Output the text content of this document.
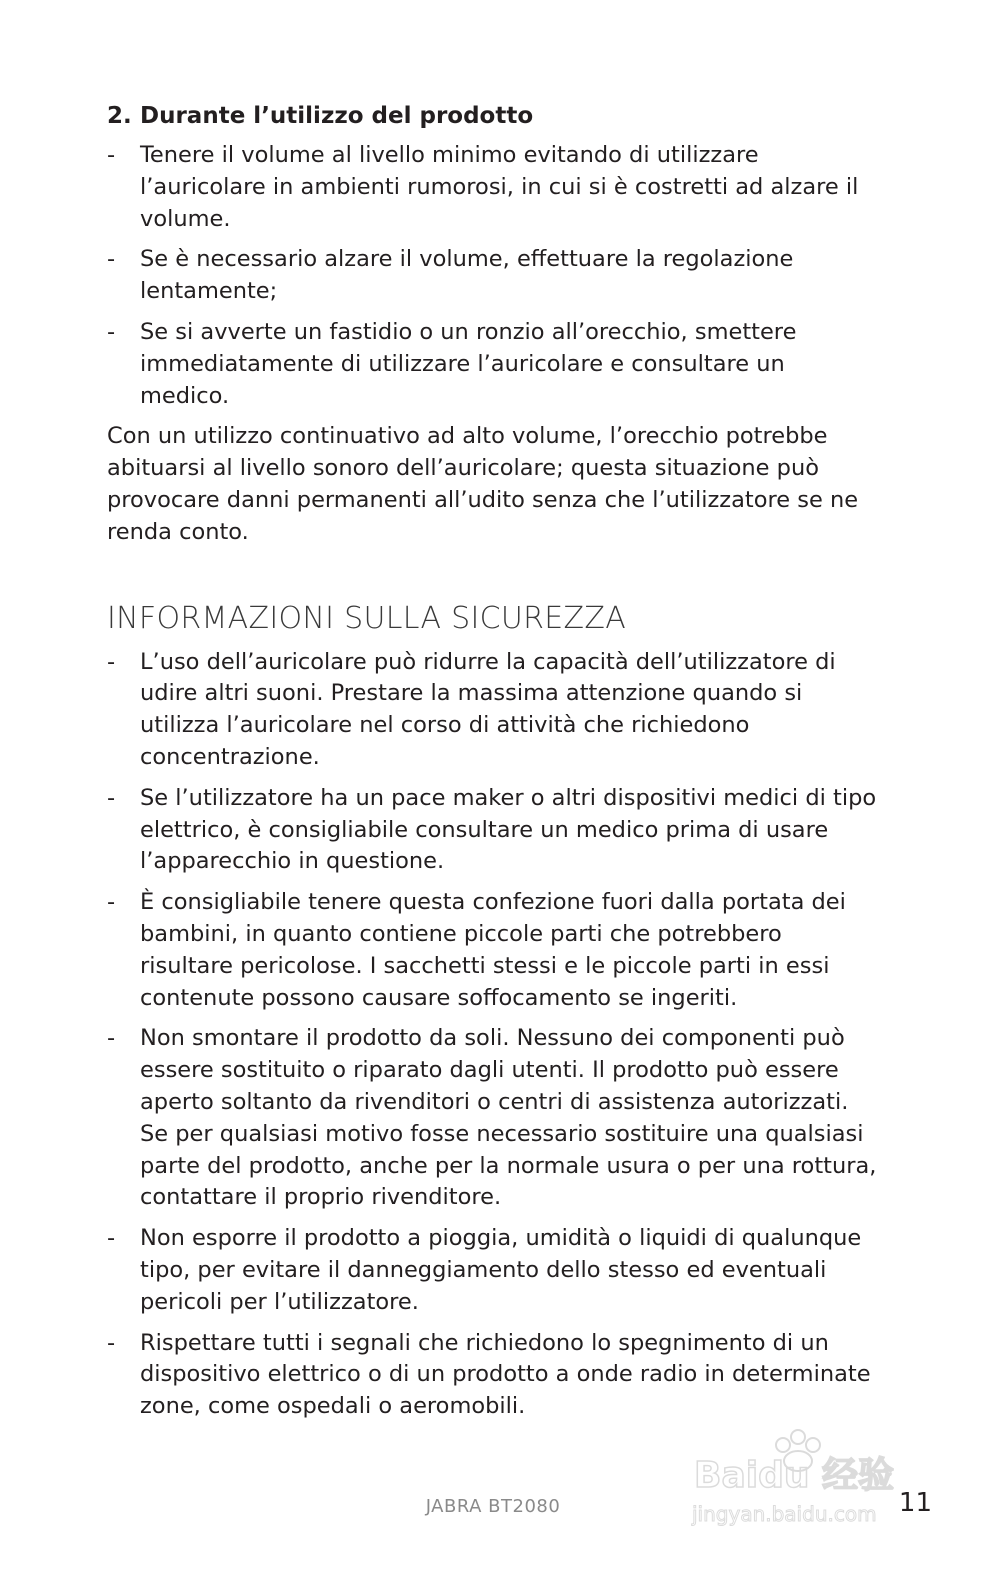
2. Durante l’utilizzo del prodotto
-	Tenere il volume al livello minimo evitando di utilizzare l’auricolare in ambienti rumorosi, in cui si è costretti ad alzare il volume.
-	Se è necessario alzare il volume, effettuare la regolazione lentamente;
-	Se si avverte un fastidio o un ronzio all’orecchio, smettere immediatamente di utilizzare l’auricolare e consultare un medico.

Con un utilizzo continuativo ad alto volume, l’orecchio potrebbe abituarsi al livello sonoro dell’auricolare; questa situazione può provocare danni permanenti all’udito senza che l’utilizzatore se ne renda conto.

INFORMAZIONI SULLA SICUREZZA
-	L’uso dell’auricolare può ridurre la capacità dell’utilizzatore di udire altri suoni. Prestare la massima attenzione quando si utilizza l’auricolare nel corso di attività che richiedono concentrazione.
-	Se l’utilizzatore ha un pace maker o altri dispositivi medici di tipo elettrico, è consigliabile consultare un medico prima di usare l’apparecchio in questione.
-	È consigliabile tenere questa confezione fuori dalla portata dei bambini, in quanto contiene piccole parti che potrebbero risultare pericolose. I sacchetti stessi e le piccole parti in essi contenute possono causare soffocamento se ingeriti.
-	Non smontare il prodotto da soli. Nessuno dei componenti può essere sostituito o riparato dagli utenti. Il prodotto può essere aperto soltanto da rivenditori o centri di assistenza autorizzati. Se per qualsiasi motivo fosse necessario sostituire una qualsiasi parte del prodotto, anche per la normale usura o per una rottura, contattare il proprio rivenditore.
-	Non esporre il prodotto a pioggia, umidità o liquidi di qualunque tipo, per evitare il danneggiamento dello stesso ed eventuali pericoli per l’utilizzatore.
-	Rispettare tutti i segnali che richiedono lo spegnimento di un dispositivo elettrico o di un prodotto a onde radio in determinate zone, come ospedali o aeromobili.
JABRA BT2080
Baidu 经验
jingyan.baidu.com 11
